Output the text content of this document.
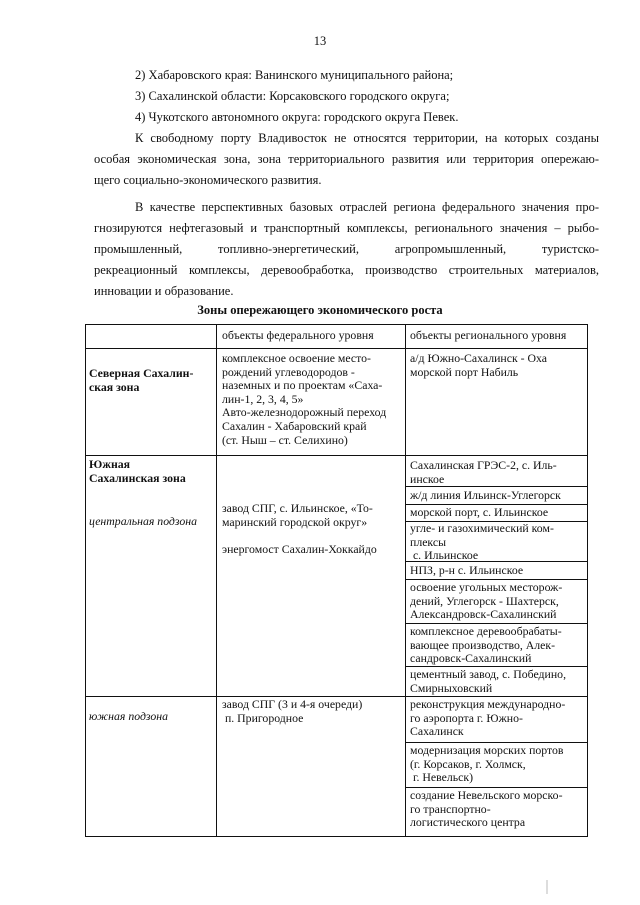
13
2) Хабаровского края: Ванинского муниципального района;
3) Сахалинской области: Корсаковского городского округа;
4) Чукотского автономного округа: городского округа Певек.
К свободному порту Владивосток не относятся территории, на которых созданы
особая экономическая зона, зона территориального развития или территория опережаю-
щего социально-экономического развития.
В качестве перспективных базовых отраслей региона федерального значения про-
гнозируются нефтегазовый и транспортный комплексы, регионального значения – рыбо-
промышленный, топливно-энергетический, агропромышленный, туристско-
рекреационный комплексы, деревообработка, производство строительных материалов,
инновации и образование.
Зоны опережающего экономического роста
объекты федерального уровня	объекты регионального уровня
Северная Сахалин-
ская зона
комплексное освоение место-
рождений углеводородов -
наземных и по проектам «Саха-
лин-1, 2, 3, 4, 5»
Авто-железнодорожный переход
Сахалин - Хабаровский край
(ст. Ныш – ст. Селихино)
а/д Южно-Сахалинск - Оха
морской порт Набиль
Южная
Сахалинская зона
центральная подзона
завод СПГ, с. Ильинское, «То-
маринский городской округ»
энергомост Сахалин-Хоккайдо
Сахалинская ГРЭС-2, с. Иль-
инское
ж/д линия Ильинск-Углегорск
морской порт, с. Ильинское
угле- и газохимический ком-
плексы
с. Ильинское
НПЗ, р-н с. Ильинское
освоение угольных месторож-
дений, Углегорск - Шахтерск,
Александровск-Сахалинский
комплексное деревообрабаты-
вающее производство, Алек-
сандровск-Сахалинский
цементный завод, с. Победино,
Смирныховский
южная подзона
завод СПГ (3 и 4-я очереди)
п. Пригородное
реконструкция международно-
го аэропорта г. Южно-
Сахалинск
модернизация морских портов
(г. Корсаков, г. Холмск,
г. Невельск)
создание Невельского морско-
го транспортно-
логистического центра
